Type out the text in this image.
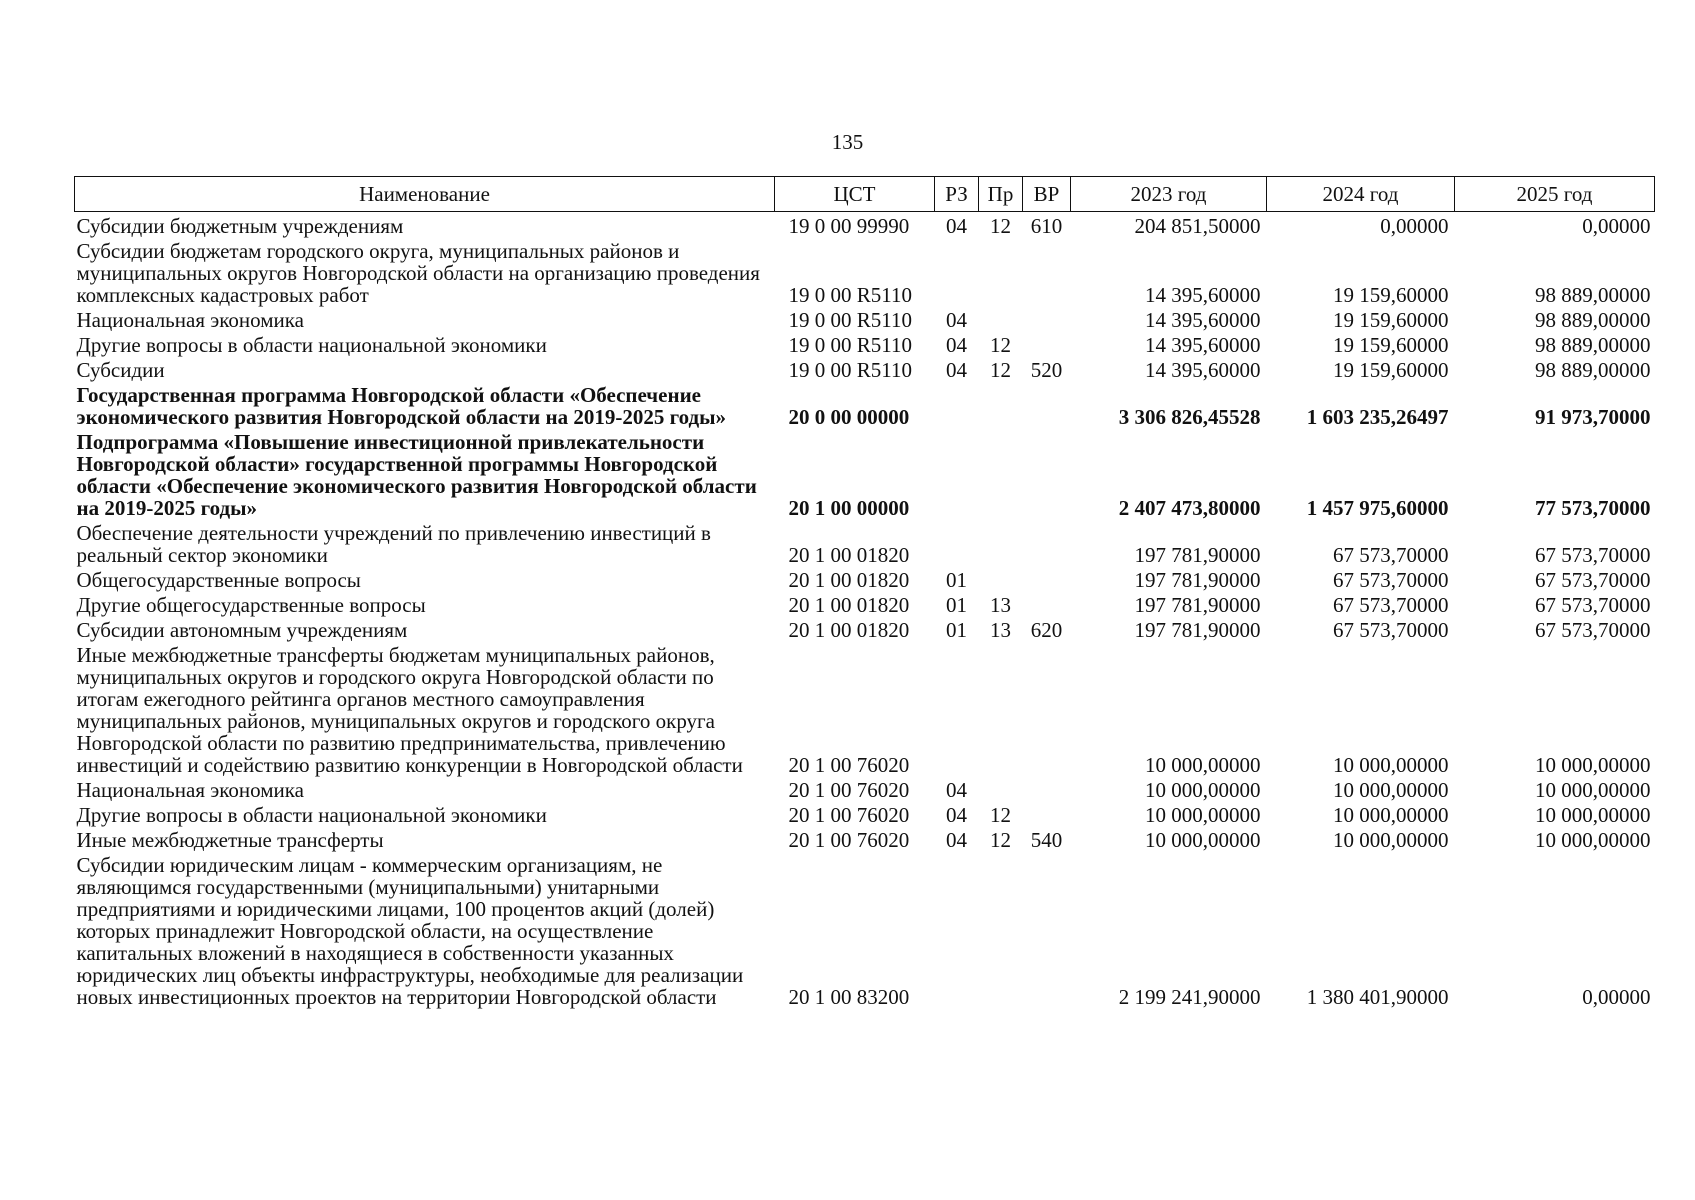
135
Наименование	ЦСТ	РЗ	Пр	ВР	2023 год	2024 год	2025 год
Субсидии бюджетным учреждениям	19 0 00 99990	04	12	610	204 851,50000	0,00000	0,00000
Субсидии бюджетам городского округа, муниципальных районов и муниципальных округов Новгородской области на организацию проведения комплексных кадастровых работ	19 0 00 R5110				14 395,60000	19 159,60000	98 889,00000
Национальная экономика	19 0 00 R5110	04			14 395,60000	19 159,60000	98 889,00000
Другие вопросы в области национальной экономики	19 0 00 R5110	04	12		14 395,60000	19 159,60000	98 889,00000
Субсидии	19 0 00 R5110	04	12	520	14 395,60000	19 159,60000	98 889,00000
Государственная программа Новгородской области «Обеспечение экономического развития Новгородской области на 2019-2025 годы»	20 0 00 00000				3 306 826,45528	1 603 235,26497	91 973,70000
Подпрограмма «Повышение инвестиционной привлекательности Новгородской области» государственной программы Новгородской области «Обеспечение экономического развития Новгородской области на 2019-2025 годы»	20 1 00 00000				2 407 473,80000	1 457 975,60000	77 573,70000
Обеспечение деятельности учреждений по привлечению инвестиций в реальный сектор экономики	20 1 00 01820				197 781,90000	67 573,70000	67 573,70000
Общегосударственные вопросы	20 1 00 01820	01			197 781,90000	67 573,70000	67 573,70000
Другие общегосударственные вопросы	20 1 00 01820	01	13		197 781,90000	67 573,70000	67 573,70000
Субсидии автономным учреждениям	20 1 00 01820	01	13	620	197 781,90000	67 573,70000	67 573,70000
Иные межбюджетные трансферты бюджетам муниципальных районов, муниципальных округов и городского округа Новгородской области по итогам ежегодного рейтинга органов местного самоуправления муниципальных районов, муниципальных округов и городского округа Новгородской области по развитию предпринимательства, привлечению инвестиций и содействию развитию конкуренции в Новгородской области	20 1 00 76020				10 000,00000	10 000,00000	10 000,00000
Национальная экономика	20 1 00 76020	04			10 000,00000	10 000,00000	10 000,00000
Другие вопросы в области национальной экономики	20 1 00 76020	04	12		10 000,00000	10 000,00000	10 000,00000
Иные межбюджетные трансферты	20 1 00 76020	04	12	540	10 000,00000	10 000,00000	10 000,00000
Субсидии юридическим лицам - коммерческим организациям, не являющимся государственными (муниципальными) унитарными предприятиями и юридическими лицами, 100 процентов акций (долей) которых принадлежит Новгородской области, на осуществление капитальных вложений в находящиеся в собственности указанных юридических лиц объекты инфраструктуры, необходимые для реализации новых инвестиционных проектов на территории Новгородской области	20 1 00 83200				2 199 241,90000	1 380 401,90000	0,00000
